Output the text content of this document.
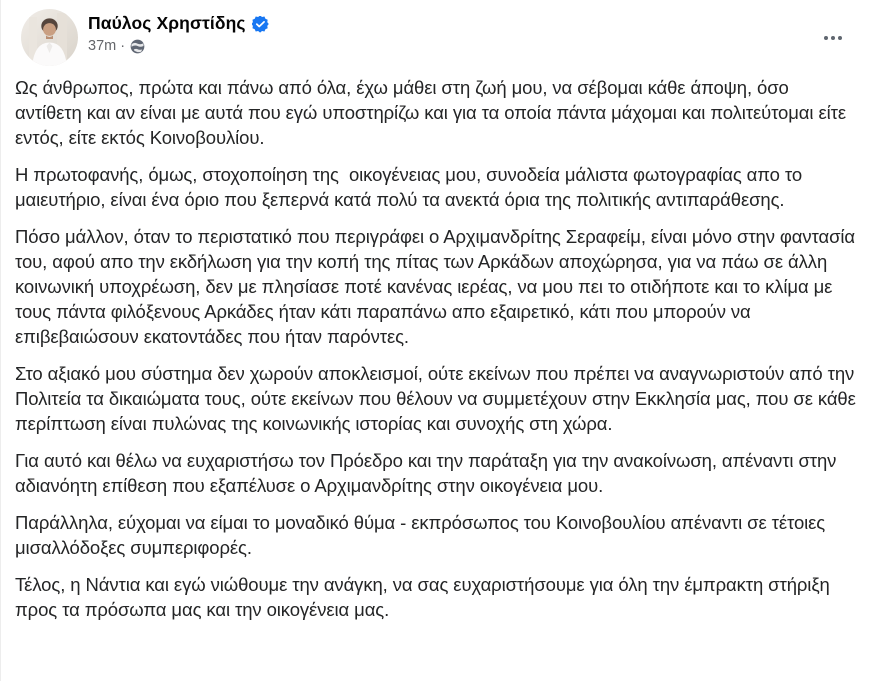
Παύλος Χρηστίδης
37m ·

Ως άνθρωπος, πρώτα και πάνω από όλα, έχω μάθει στη ζωή μου, να σέβομαι κάθε άποψη, όσο αντίθετη και αν είναι με αυτά που εγώ υποστηρίζω και για τα οποία πάντα μάχομαι και πολιτεύτομαι είτε εντός, είτε εκτός Κοινοβουλίου.

Η πρωτοφανής, όμως, στοχοποίηση της  οικογένειας μου, συνοδεία μάλιστα φωτογραφίας απο το μαιευτήριο, είναι ένα όριο που ξεπερνά κατά πολύ τα ανεκτά όρια της πολιτικής αντιπαράθεσης.

Πόσο μάλλον, όταν το περιστατικό που περιγράφει ο Αρχιμανδρίτης Σεραφείμ, είναι μόνο στην φαντασία του, αφού απο την εκδήλωση για την κοπή της πίτας των Αρκάδων αποχώρησα, για να πάω σε άλλη κοινωνική υποχρέωση, δεν με πλησίασε ποτέ κανένας ιερέας, να μου πει το οτιδήποτε και το κλίμα με τους πάντα φιλόξενους Αρκάδες ήταν κάτι παραπάνω απο εξαιρετικό, κάτι που μπορούν να επιβεβαιώσουν εκατοντάδες που ήταν παρόντες.

Στο αξιακό μου σύστημα δεν χωρούν αποκλεισμοί, ούτε εκείνων που πρέπει να αναγνωριστούν από την Πολιτεία τα δικαιώματα τους, ούτε εκείνων που θέλουν να συμμετέχουν στην Εκκλησία μας, που σε κάθε περίπτωση είναι πυλώνας της κοινωνικής ιστορίας και συνοχής στη χώρα.

Για αυτό και θέλω να ευχαριστήσω τον Πρόεδρο και την παράταξη για την ανακοίνωση, απέναντι στην αδιανόητη επίθεση που εξαπέλυσε ο Αρχιμανδρίτης στην οικογένεια μου.

Παράλληλα, εύχομαι να είμαι το μοναδικό θύμα - εκπρόσωπος του Κοινοβουλίου απέναντι σε τέτοιες μισαλλόδοξες συμπεριφορές.

Τέλος, η Νάντια και εγώ νιώθουμε την ανάγκη, να σας ευχαριστήσουμε για όλη την έμπρακτη στήριξη προς τα πρόσωπα μας και την οικογένεια μας.
